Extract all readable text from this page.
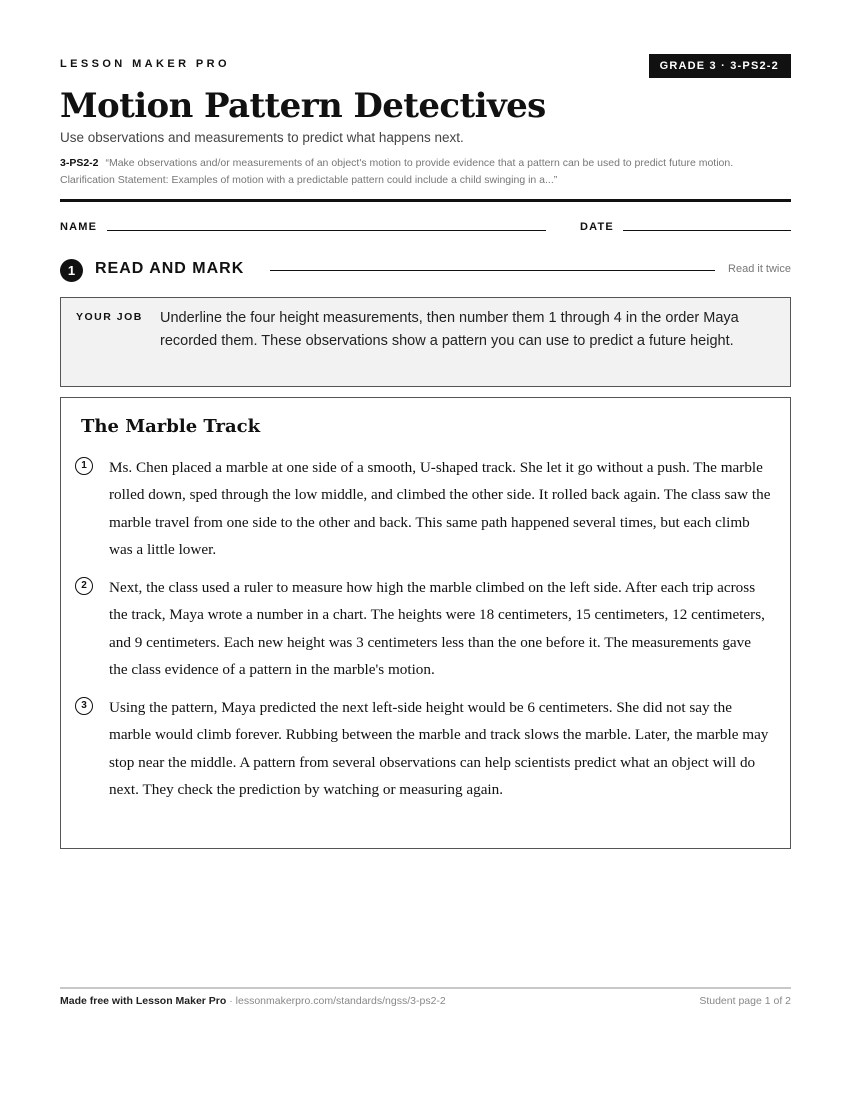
LESSON MAKER PRO	GRADE 3 · 3-PS2-2
Motion Pattern Detectives
Use observations and measurements to predict what happens next.
3-PS2-2 “Make observations and/or measurements of an object's motion to provide evidence that a pattern can be used to predict future motion. Clarification Statement: Examples of motion with a predictable pattern could include a child swinging in a...”
NAME	DATE
1	READ AND MARK	Read it twice
YOUR JOB Underline the four height measurements, then number them 1 through 4 in the order Maya recorded them. These observations show a pattern you can use to predict a future height.
The Marble Track
1	Ms. Chen placed a marble at one side of a smooth, U-shaped track. She let it go without a push. The marble rolled down, sped through the low middle, and climbed the other side. It rolled back again. The class saw the marble travel from one side to the other and back. This same path happened several times, but each climb was a little lower.
2	Next, the class used a ruler to measure how high the marble climbed on the left side. After each trip across the track, Maya wrote a number in a chart. The heights were 18 centimeters, 15 centimeters, 12 centimeters, and 9 centimeters. Each new height was 3 centimeters less than the one before it. The measurements gave the class evidence of a pattern in the marble's motion.
3	Using the pattern, Maya predicted the next left-side height would be 6 centimeters. She did not say the marble would climb forever. Rubbing between the marble and track slows the marble. Later, the marble may stop near the middle. A pattern from several observations can help scientists predict what an object will do next. They check the prediction by watching or measuring again.
Made free with Lesson Maker Pro · lessonmakerpro.com/standards/ngss/3-ps2-2	Student page 1 of 2
